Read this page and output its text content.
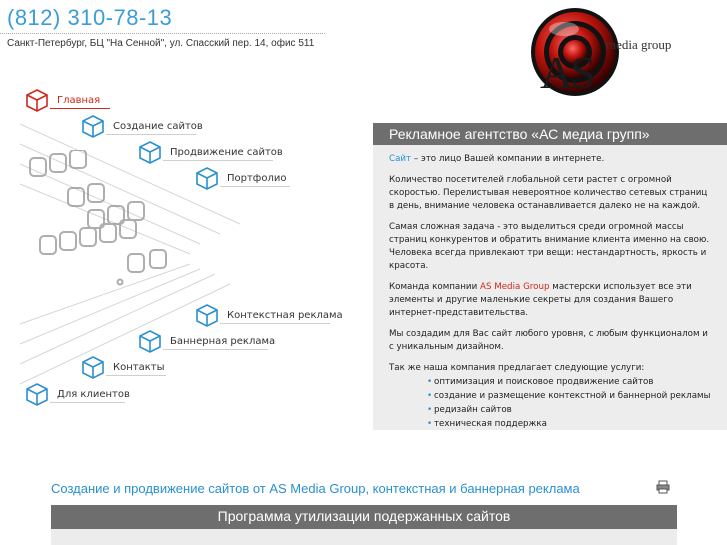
(812) 310-78-13
Санкт-Петербург, БЦ "На Сенной", ул. Спасский пер. 14, офис 511	media group
AS
Главная
Создание сайтов
Продвижение сайтов
Портфолио
Контекстная реклама
Баннерная реклама
Контакты
Для клиентов
Рекламное агентство «АС медиа групп»

Сайт – это лицо Вашей компании в интернете.

Количество посетителей глобальной сети растет с огромной скоростью. Перелистывая невероятное количество сетевых страниц в день, внимание человека останавливается далеко не на каждой.

Самая сложная задача - это выделиться среди огромной массы страниц конкурентов и обратить внимание клиента именно на свою. Человека всегда привлекают три вещи: нестандартность, яркость и красота.

Команда компании AS Media Group мастерски использует все эти элементы и другие маленькие секреты для создания Вашего интернет-представительства.

Мы создадим для Вас сайт любого уровня, с любым функционалом и с уникальным дизайном.

Так же наша компания предлагает следующие услуги:

• оптимизация и поисковое продвижение сайтов
• создание и размещение контекстной и баннерной рекламы
• редизайн сайтов
• техническая поддержка
Создание и продвижение сайтов от AS Media Group, контекстная и баннерная реклама
Программа утилизации подержанных сайтов
